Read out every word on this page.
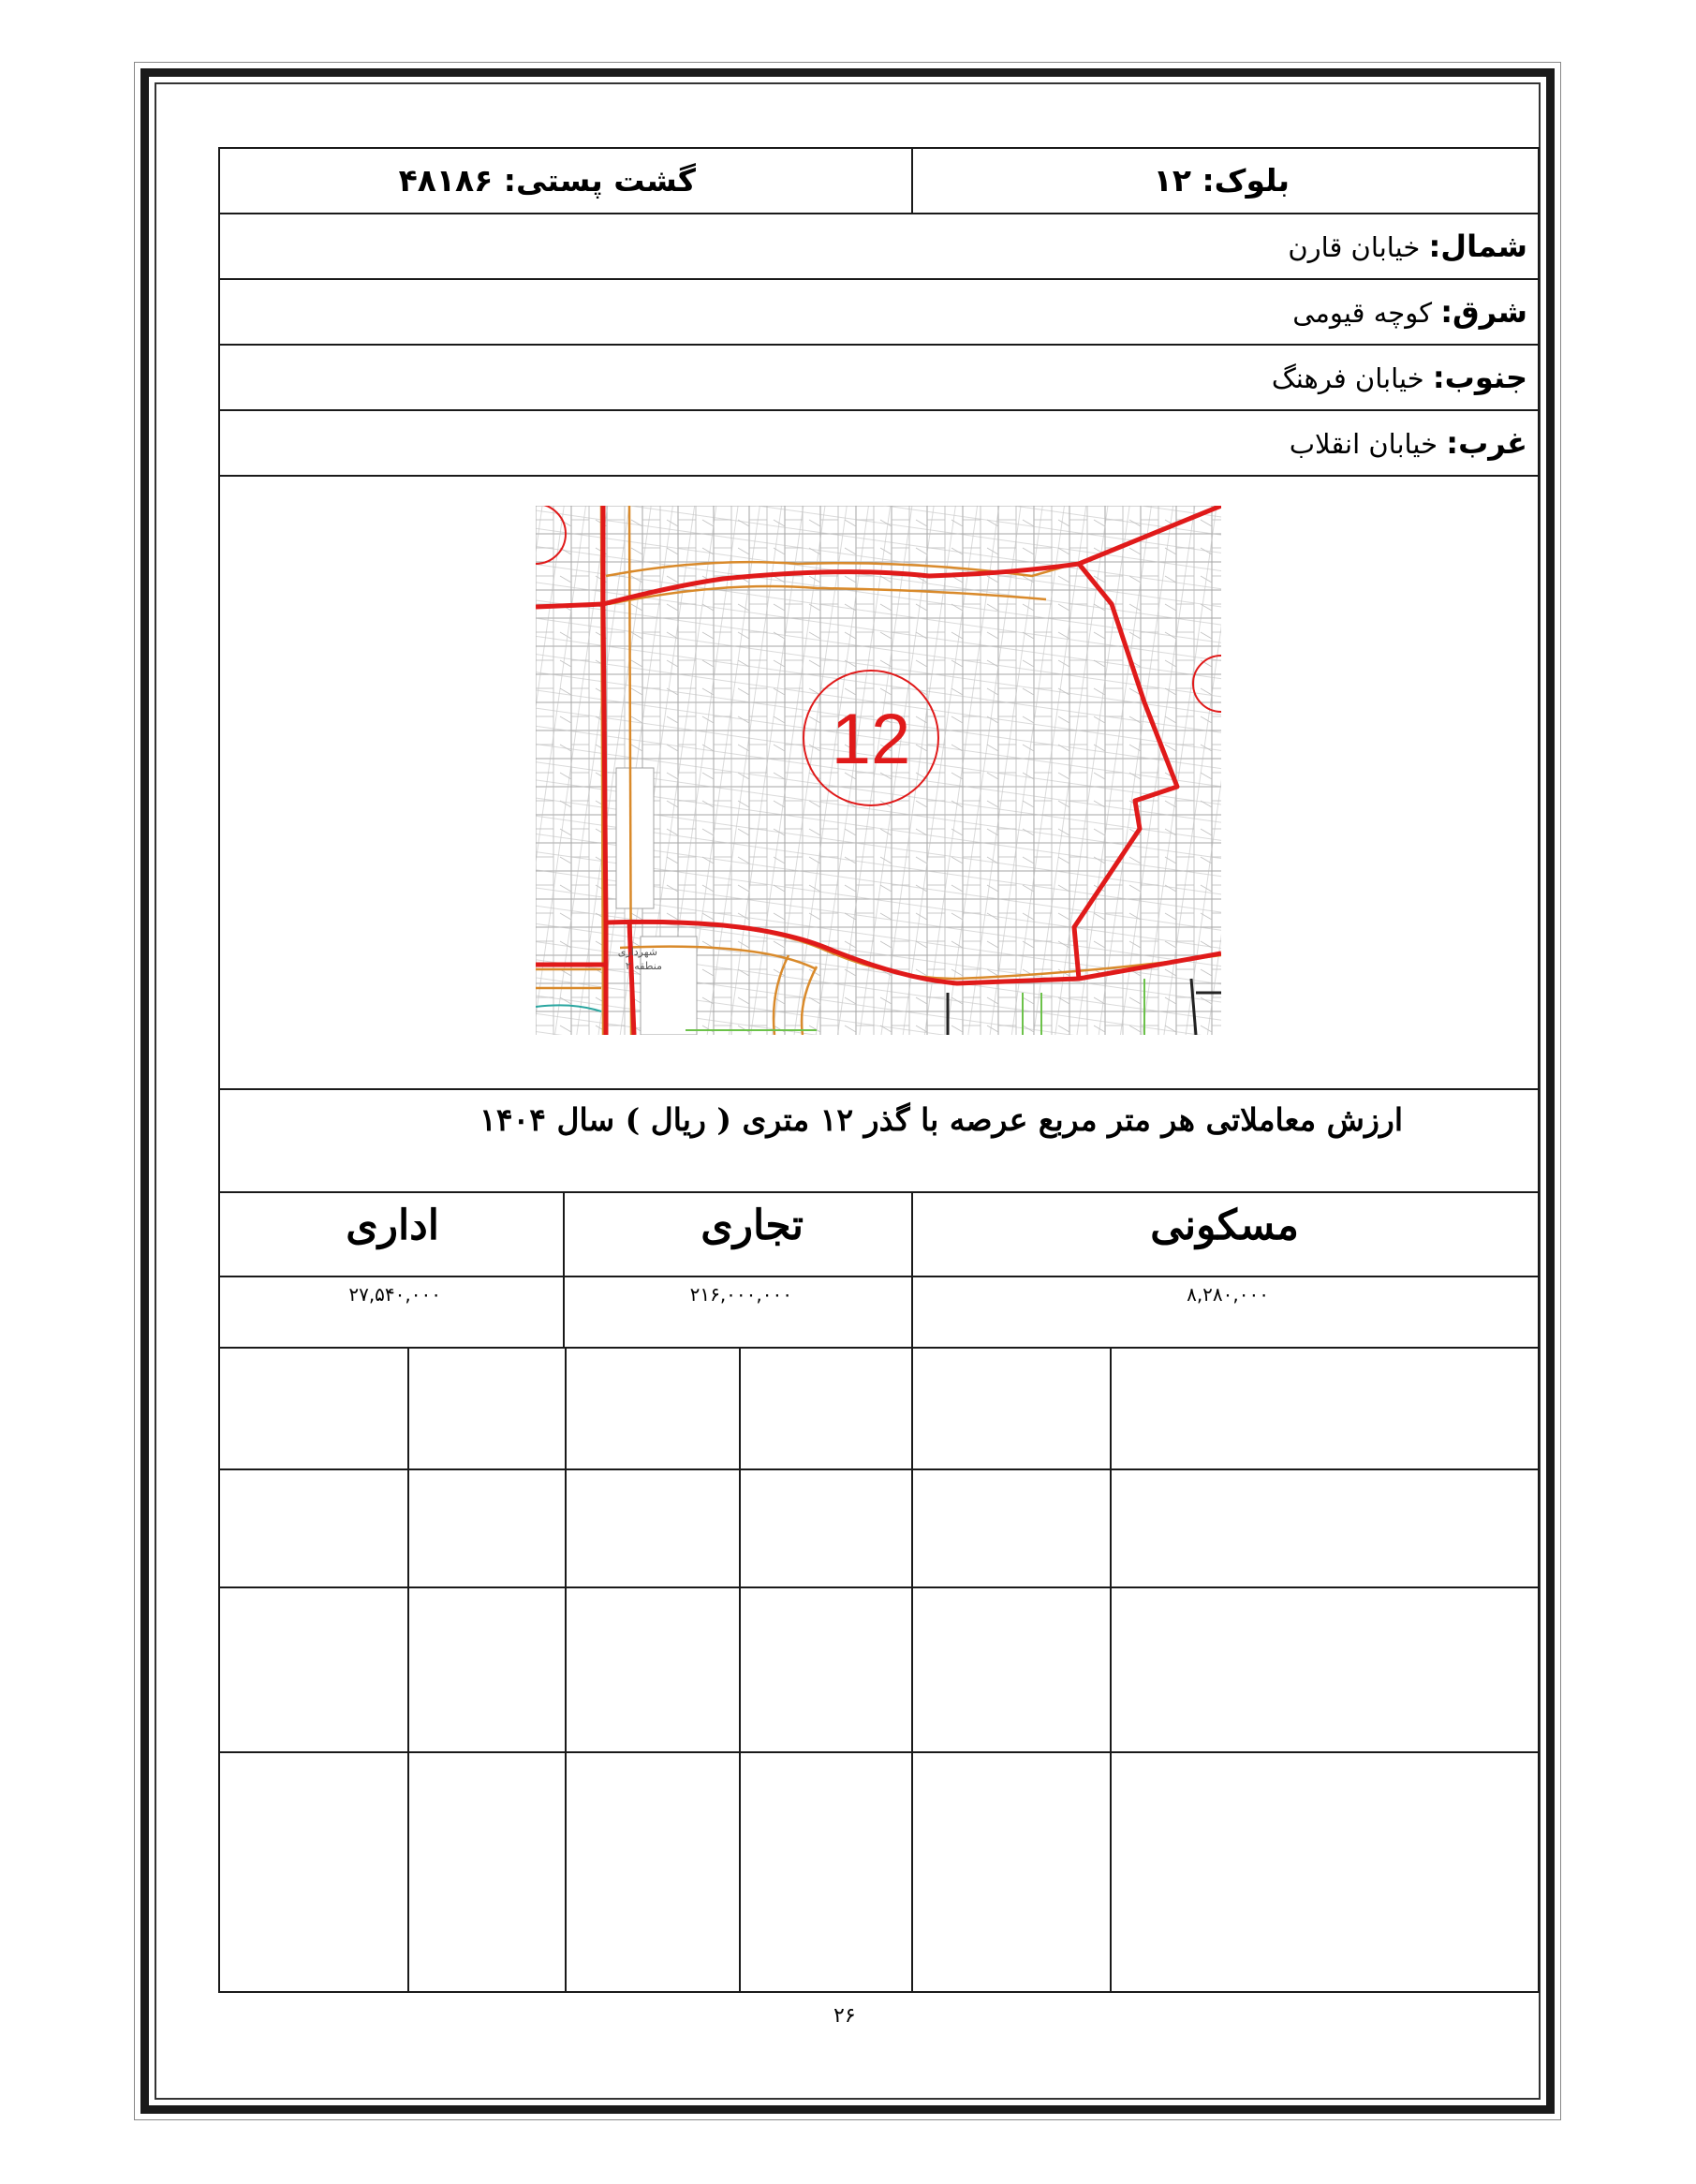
بلوک: ۱۲
گشت پستی: ۴۸۱۸۶
شمال: خیابان قارن
شرق: کوچه قیومی
جنوب: خیابان فرهنگ
غرب: خیابان انقلاب
12
شهرداری
منطقه ۲
ارزش معاملاتی هر متر مربع عرصه با گذر ۱۲ متری ( ریال ) سال ۱۴۰۴
مسکونی
تجاری
اداری
۸,۲۸۰,۰۰۰
۲۱۶,۰۰۰,۰۰۰
۲۷,۵۴۰,۰۰۰
۲۶
